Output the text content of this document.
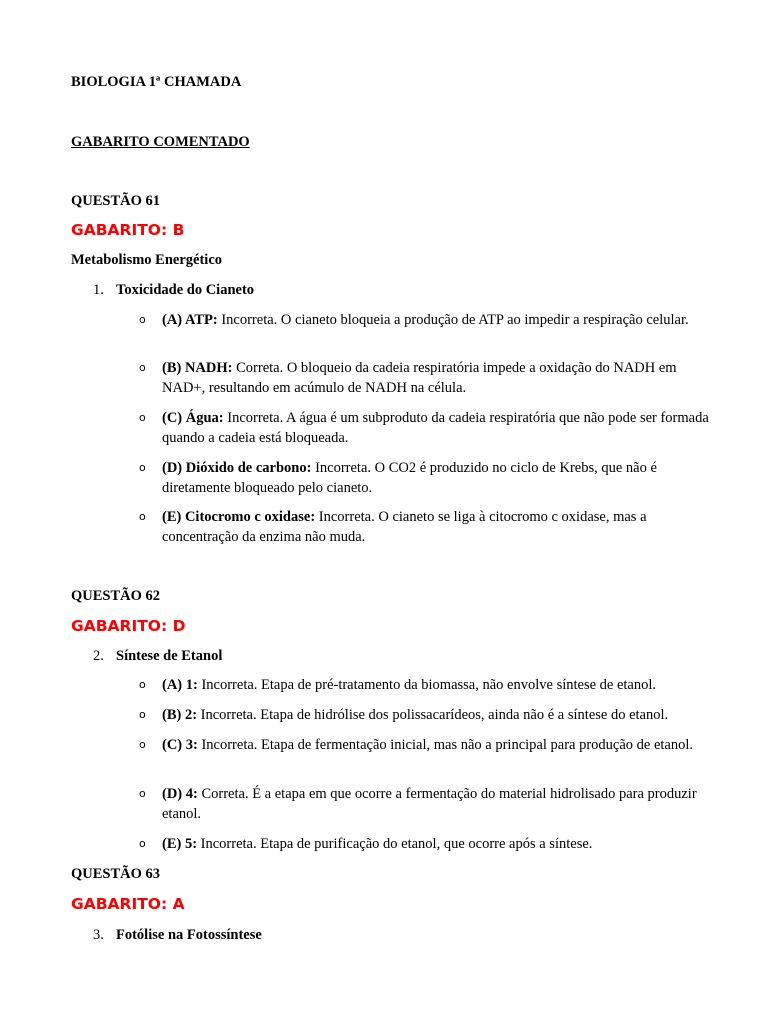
BIOLOGIA 1ª CHAMADA
GABARITO COMENTADO
QUESTÃO 61
GABARITO: B
Metabolismo Energético
1. Toxicidade do Cianeto
o (A) ATP: Incorreta. O cianeto bloqueia a produção de ATP ao impedir a respiração celular.
o (B) NADH: Correta. O bloqueio da cadeia respiratória impede a oxidação do NADH em NAD+, resultando em acúmulo de NADH na célula.
o (C) Água: Incorreta. A água é um subproduto da cadeia respiratória que não pode ser formada quando a cadeia está bloqueada.
o (D) Dióxido de carbono: Incorreta. O CO2 é produzido no ciclo de Krebs, que não é diretamente bloqueado pelo cianeto.
o (E) Citocromo c oxidase: Incorreta. O cianeto se liga à citocromo c oxidase, mas a concentração da enzima não muda.
QUESTÃO 62
GABARITO: D
2. Síntese de Etanol
o (A) 1: Incorreta. Etapa de pré-tratamento da biomassa, não envolve síntese de etanol.
o (B) 2: Incorreta. Etapa de hidrólise dos polissacarídeos, ainda não é a síntese do etanol.
o (C) 3: Incorreta. Etapa de fermentação inicial, mas não a principal para produção de etanol.
o (D) 4: Correta. É a etapa em que ocorre a fermentação do material hidrolisado para produzir etanol.
o (E) 5: Incorreta. Etapa de purificação do etanol, que ocorre após a síntese.
QUESTÃO 63
GABARITO: A
3. Fotólise na Fotossíntese
